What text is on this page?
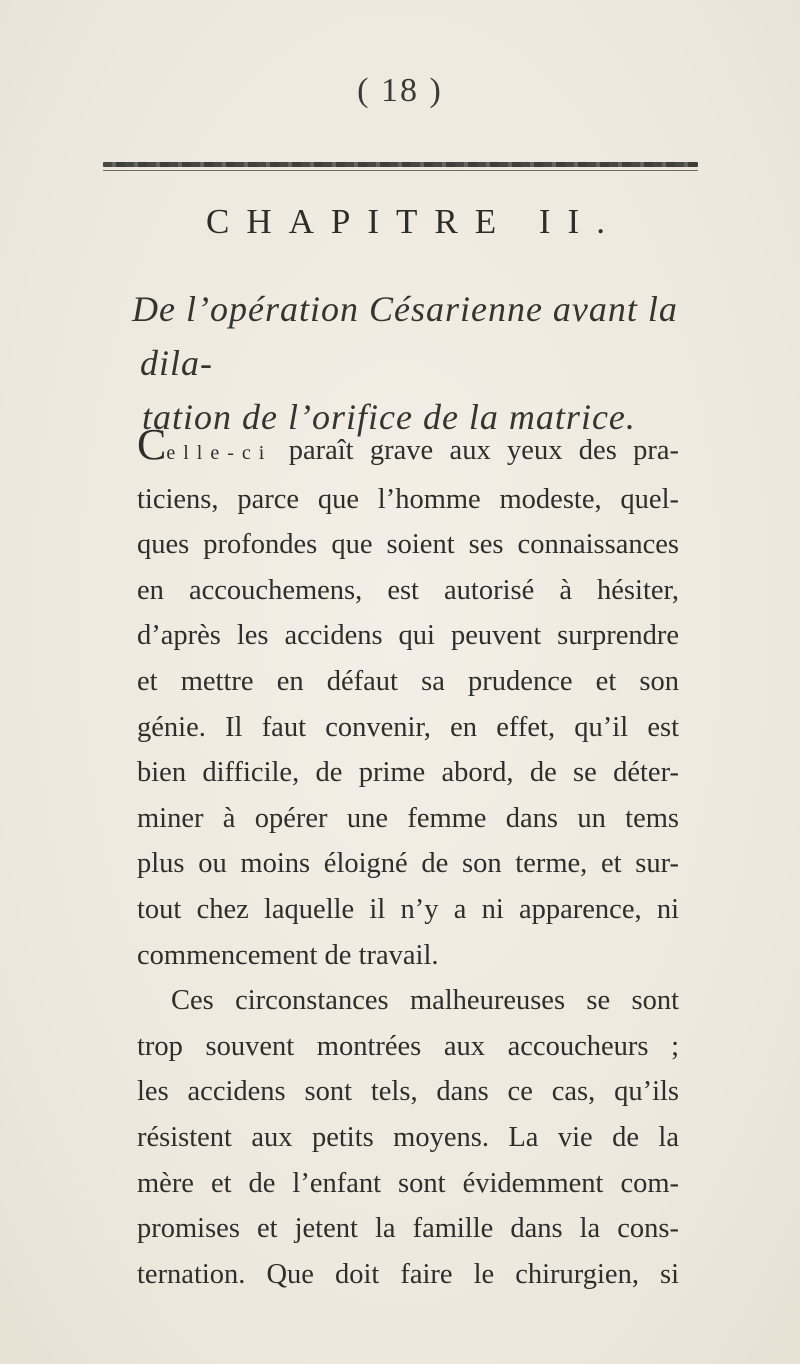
( 18 )
CHAPITRE II.
De l’opération Césarienne avant la dila-
tation de l’orifice de la matrice.
Celle-ci paraît grave aux yeux des pra-
ticiens, parce que l’homme modeste, quel-
ques profondes que soient ses connaissances
en accouchemens, est autorisé à hésiter,
d’après les accidens qui peuvent surprendre
et mettre en défaut sa prudence et son
génie. Il faut convenir, en effet, qu’il est
bien difficile, de prime abord, de se déter-
miner à opérer une femme dans un tems
plus ou moins éloigné de son terme, et sur-
tout chez laquelle il n’y a ni apparence, ni
commencement de travail.
Ces circonstances malheureuses se sont
trop souvent montrées aux accoucheurs ;
les accidens sont tels, dans ce cas, qu’ils
résistent aux petits moyens. La vie de la
mère et de l’enfant sont évidemment com-
promises et jetent la famille dans la cons-
ternation. Que doit faire le chirurgien, si
